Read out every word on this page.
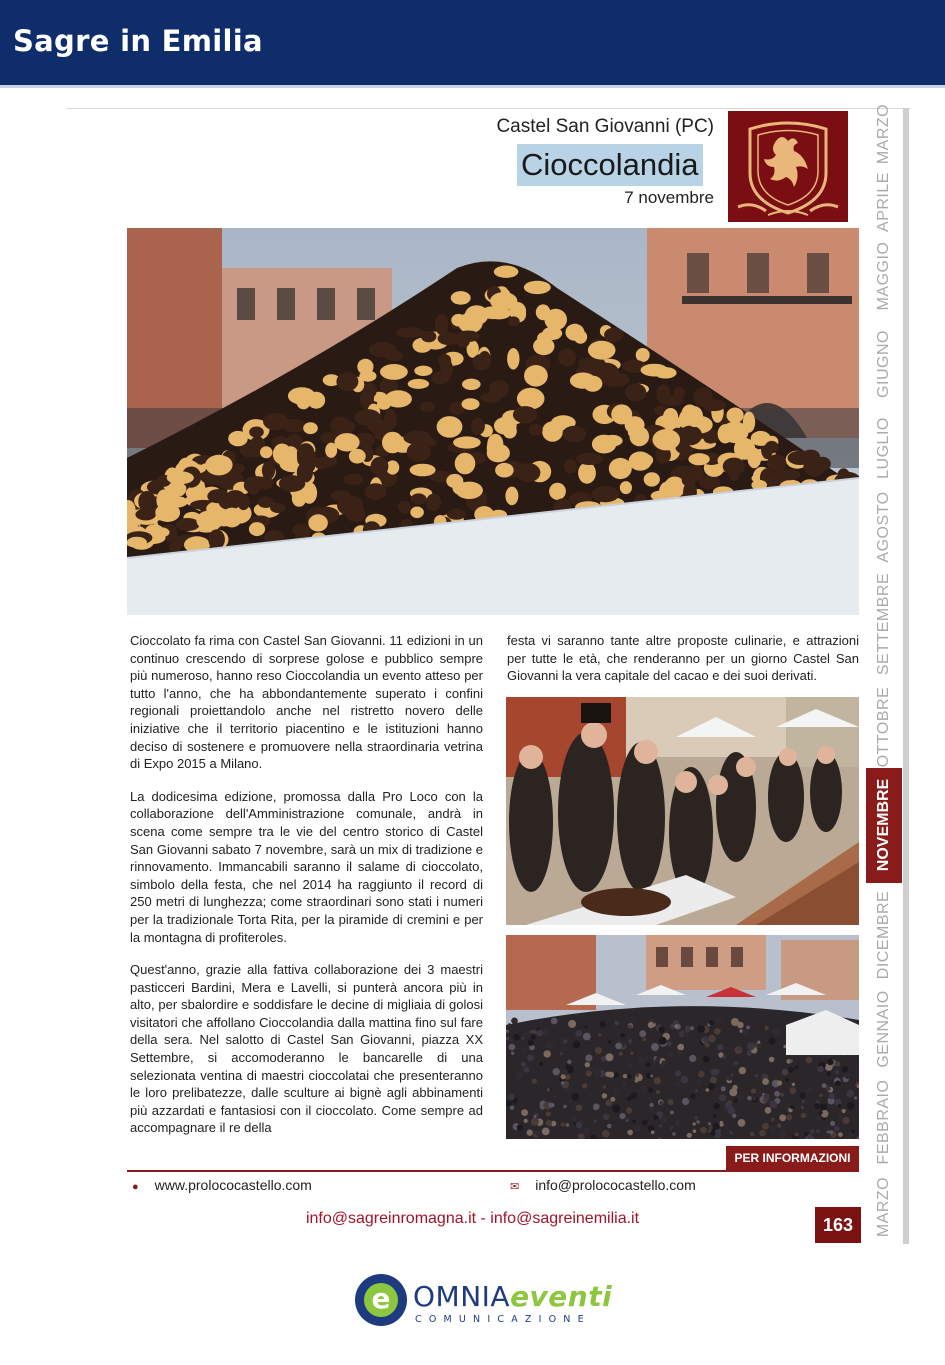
Sagre in Emilia
Castel San Giovanni (PC)
Cioccolandia
7 novembre

Cioccolato fa rima con Castel San Giovanni. 11 edizioni in un continuo crescendo di sorprese golose e pubblico sempre più numeroso, hanno reso Cioccolandia un evento atteso per tutto l'anno, che ha abbondantemente superato i confini regionali proiettandolo anche nel ristretto novero delle iniziative che il territorio piacentino e le istituzioni hanno deciso di sostenere e promuovere nella straordinaria vetrina di Expo 2015 a Milano.

La dodicesima edizione, promossa dalla Pro Loco con la collaborazione dell'Amministrazione comunale, andrà in scena come sempre tra le vie del centro storico di Castel San Giovanni sabato 7 novembre, sarà un mix di tradizione e rinnovamento. Immancabili saranno il salame di cioccolato, simbolo della festa, che nel 2014 ha raggiunto il record di 250 metri di lunghezza; come straordinari sono stati i numeri per la tradizionale Torta Rita, per la piramide di cremini e per la montagna di profiteroles.

Quest'anno, grazie alla fattiva collaborazione dei 3 maestri pasticceri Bardini, Mera e Lavelli, si punterà ancora più in alto, per sbalordire e soddisfare le decine di migliaia di golosi visitatori che affollano Cioccolandia dalla mattina fino sul fare della sera. Nel salotto di Castel San Giovanni, piazza XX Settembre, si accomoderanno le bancarelle di una selezionata ventina di maestri cioccolatai che presenteranno le loro prelibatezze, dalle sculture ai bignè agli abbinamenti più azzardati e fantasiosi con il cioccolato. Come sempre ad accompagnare il re della

festa vi saranno tante altre proposte culinarie, e attrazioni per tutte le età, che renderanno per un giorno Castel San Giovanni la vera capitale del cacao e dei suoi derivati.

PER INFORMAZIONI
● www.prolococastello.com	✉ info@prolococastello.com
info@sagreinromagna.it - info@sagreinemilia.it	163
MARZO
APRILE
MAGGIO
GIUGNO
LUGLIO
AGOSTO
SETTEMBRE
OTTOBRE
NOVEMBRE
DICEMBRE
GENNAIO
FEBBRAIO
MARZO
e OMNIAeventi
COMUNICAZIONE
